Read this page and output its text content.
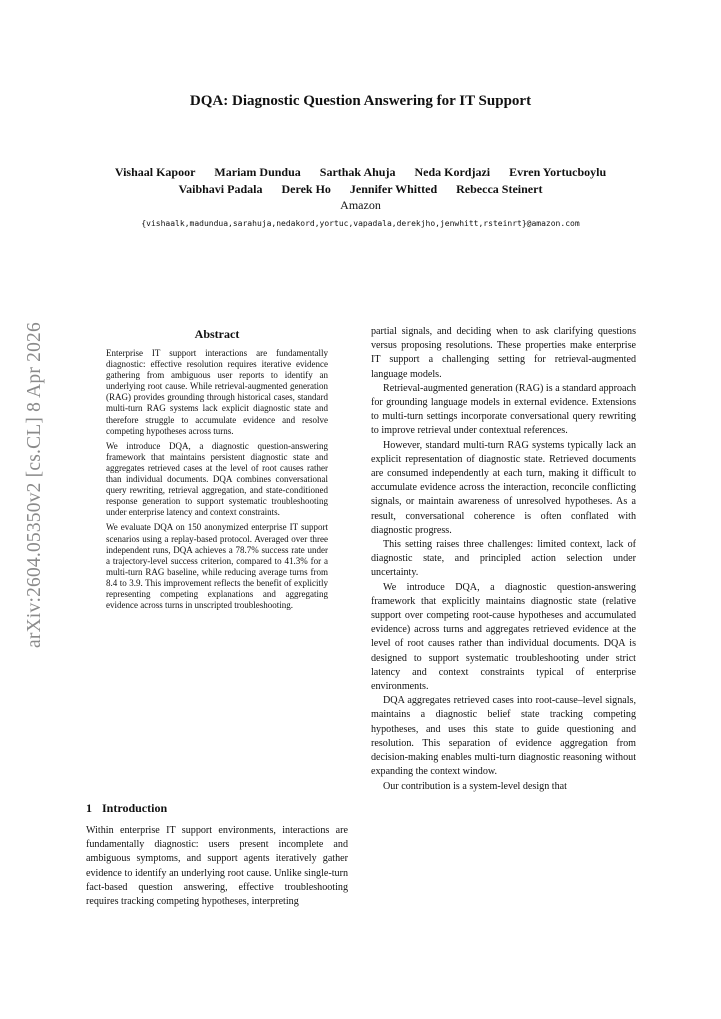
arXiv:2604.05350v2 [cs.CL] 8 Apr 2026
DQA: Diagnostic Question Answering for IT Support
Vishaal Kapoor Mariam Dundua Sarthak Ahuja Neda Kordjazi Evren Yortucboylu
Vaibhavi Padala Derek Ho Jennifer Whitted Rebecca Steinert
Amazon
{vishaalk,madundua,sarahuja,nedakord,yortuc,vapadala,derekjho,jenwhitt,rsteinrt}@amazon.com
Abstract

Enterprise IT support interactions are fundamentally diagnostic: effective resolution requires iterative evidence gathering from ambiguous user reports to identify an underlying root cause. While retrieval-augmented generation (RAG) provides grounding through historical cases, standard multi-turn RAG systems lack explicit diagnostic state and therefore struggle to accumulate evidence and resolve competing hypotheses across turns.

We introduce DQA, a diagnostic question-answering framework that maintains persistent diagnostic state and aggregates retrieved cases at the level of root causes rather than individual documents. DQA combines conversational query rewriting, retrieval aggregation, and state-conditioned response generation to support systematic troubleshooting under enterprise latency and context constraints.

We evaluate DQA on 150 anonymized enterprise IT support scenarios using a replay-based protocol. Averaged over three independent runs, DQA achieves a 78.7% success rate under a trajectory-level success criterion, compared to 41.3% for a multi-turn RAG baseline, while reducing average turns from 8.4 to 3.9. This improvement reflects the benefit of explicitly representing competing explanations and aggregating evidence across turns in unscripted troubleshooting.

1 Introduction

Within enterprise IT support environments, interactions are fundamentally diagnostic: users present incomplete and ambiguous symptoms, and support agents iteratively gather evidence to identify an underlying root cause. Unlike single-turn fact-based question answering, effective troubleshooting requires tracking competing hypotheses, interpreting

partial signals, and deciding when to ask clarifying questions versus proposing resolutions. These properties make enterprise IT support a challenging setting for retrieval-augmented language models.

Retrieval-augmented generation (RAG) is a standard approach for grounding language models in external evidence. Extensions to multi-turn settings incorporate conversational query rewriting to improve retrieval under contextual references.

However, standard multi-turn RAG systems typically lack an explicit representation of diagnostic state. Retrieved documents are consumed independently at each turn, making it difficult to accumulate evidence across the interaction, reconcile conflicting signals, or maintain awareness of unresolved hypotheses. As a result, conversational coherence is often conflated with diagnostic progress.

This setting raises three challenges: limited context, lack of diagnostic state, and principled action selection under uncertainty.

We introduce DQA, a diagnostic question-answering framework that explicitly maintains diagnostic state (relative support over competing root-cause hypotheses and accumulated evidence) across turns and aggregates retrieved evidence at the level of root causes rather than individual documents. DQA is designed to support systematic troubleshooting under strict latency and context constraints typical of enterprise environments.

DQA aggregates retrieved cases into root-cause–level signals, maintains a diagnostic belief state tracking competing hypotheses, and uses this state to guide questioning and resolution. This separation of evidence aggregation from decision-making enables multi-turn diagnostic reasoning without expanding the context window.

Our contribution is a system-level design that
